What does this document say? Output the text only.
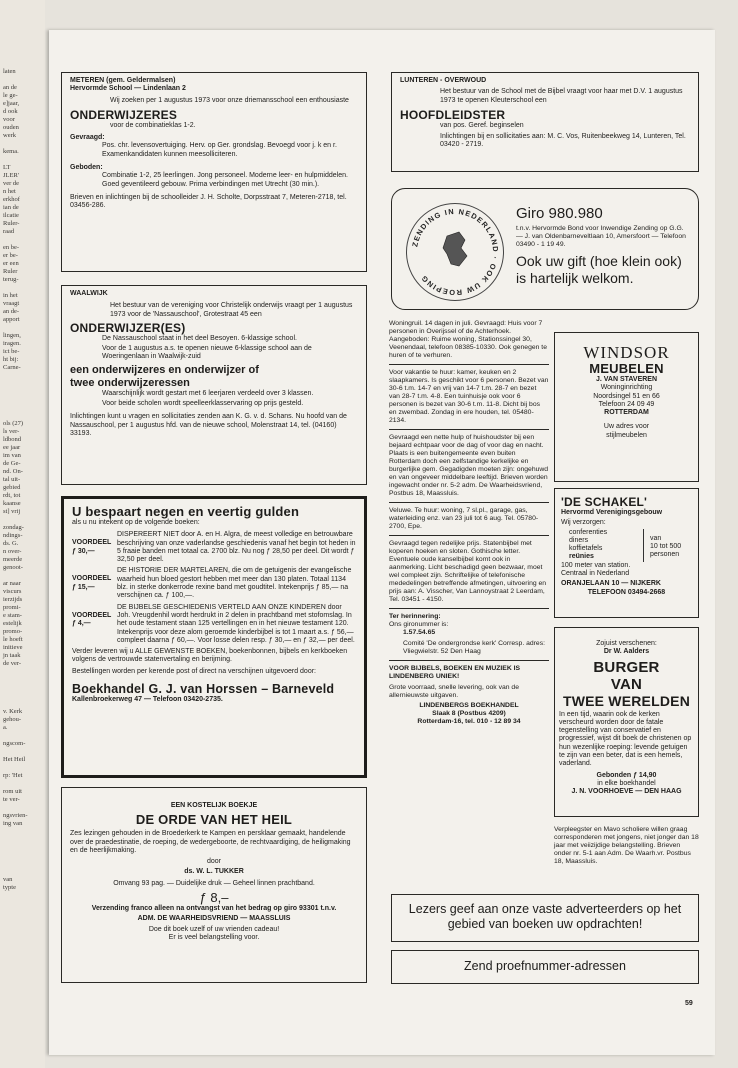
laten
an de
le ge-
e]jaar,
d ook
voor
ouden
werk
kema.
LT
JLER'
ver de
n het
erkhof
ian de
ilcatie
Ruler-
raad
en be-
er be-
er een
Ruler
terug-
in het
vraagt
an de-
apport
lingen,
iragen.
ict be-
ht bij:
Carne-
ols (27)
ls ver-
ldbond
ee jaar
im van
de Ge-
nd. On-
tal uit-
gebied
rdt, tot
kaanse
st] vrij
zondag-
ndings-
ds. G.
n over-
meerde
genoot-
ar naar
viscurs
ierzijds
promi-
e stam-
estelijk
promo-
le hoeft
initieve
jn taak
de ver-
v. Kerk
gehou-
a.
ngscom-
Het Heil
rp: 'Het
rom uit
te ver-
ngsvrien-
ing van
van
typte
METEREN (gem. Geldermalsen)
Hervormde School — Lindenlaan 2
Wij zoeken per 1 augustus 1973 voor onze driemansschool een enthousiaste
ONDERWIJZERES
voor de combinatieklas 1-2.
Gevraagd:
Pos. chr. levensovertuiging. Herv. op Ger. grondslag. Bevoegd voor j. k en r. Examenkandidaten kunnen meesolliciteren.
Geboden:
Combinatie 1-2, 25 leerlingen. Jong personeel. Moderne leer- en hulpmiddelen. Goed geventileerd gebouw. Prima verbindingen met Utrecht (30 min.).
Brieven en inlichtingen bij de schoolleider J. H. Scholte, Dorpsstraat 7, Meteren-2718, tel. 03456-286.
WAALWIJK
Het bestuur van de vereniging voor Christelijk onderwijs vraagt per 1 augustus 1973 voor de 'Nassauschool', Grotestraat 45 een
ONDERWIJZER(ES)
De Nassauschool staat in het deel Besoyen. 6-klassige school.
Voor de 1 augustus a.s. te openen nieuwe 6-klassige school aan de Woeringenlaan in Waalwijk-zuid
een onderwijzeres en onderwijzer of
twee onderwijzeressen
Waarschijnlijk wordt gestart met 6 leerjaren verdeeld over 3 klassen.
Voor beide scholen wordt speelleerklasservaring op prijs gesteld.
Inlichtingen kunt u vragen en sollicitaties zenden aan K. G. v. d. Schans. Nu hoofd van de Nassauschool, per 1 augustus hfd. van de nieuwe school, Molenstraat 14, tel. (04160) 33193.
U bespaart negen en veertig gulden
als u nu intekent op de volgende boeken:
VOORDEEL
ƒ 30,—
DISPEREERT NIET door A. en H. Algra, de meest volledige en betrouwbare beschrijving van onze vaderlandse geschiedenis vanaf het begin tot heden in 5 fraaie banden met totaal ca. 2700 blz. Nu nog ƒ 28,50 per deel. Dit wordt ƒ 32,50 per deel.
VOORDEEL
ƒ 15,—
DE HISTORIE DER MARTELAREN, die om de getuigenis der evangelische waarheid hun bloed gestort hebben met meer dan 130 platen. Totaal 1134 blz. in sterke donkerrode rexine band met goudtitel. Intekenprijs ƒ 85,— na verschijnen ca. ƒ 100,—.
VOORDEEL
ƒ 4,—
DE BIJBELSE GESCHIEDENIS VERTELD AAN ONZE KINDEREN door Joh. Vreugdenhil wordt herdrukt in 2 delen in prachtband met stofomslag. In het oude testament staan 125 vertellingen en in het nieuwe testament 120. Intekenprijs voor deze alom geroemde kinderbijbel is tot 1 maart a.s. ƒ 56,— compleet daarna ƒ 60,—. Voor losse delen resp. ƒ 30,— en ƒ 32,— per deel.
Verder leveren wij u ALLE GEWENSTE BOEKEN, boekenbonnen, bijbels en kerkboeken volgens de vertrouwde statenvertaling en berijming.
Bestellingen worden per kerende post of direct na verschijnen uitgevoerd door:
Boekhandel G. J. van Horssen – Barneveld
Kallenbroekerweg 47 — Telefoon 03420-2735.
EEN KOSTELIJK BOEKJE
DE ORDE VAN HET HEIL
Zes lezingen gehouden in de Broederkerk te Kampen en persklaar gemaakt, handelende over de praedestinatie, de roeping, de wedergeboorte, de rechtvaardiging, de heiligmaking en de heerlijkmaking.
door
ds. W. L. TUKKER
Omvang 93 pag. — Duidelijke druk — Geheel linnen prachtband.
ƒ 8,–
Verzending franco alleen na ontvangst van het bedrag op giro 93301 t.n.v.
ADM. DE WAARHEIDSVRIEND — MAASSLUIS
Doe dit boek uzelf of uw vrienden cadeau!
Er is veel belangstelling voor.
LUNTEREN - OVERWOUD
Het bestuur van de School met de Bijbel vraagt voor haar met D.V. 1 augustus 1973 te openen Kleuterschool een
HOOFDLEIDSTER
van pos. Geref. beginselen
Inlichtingen bij en sollicitaties aan: M. C. Vos, Ruitenbeekweg 14, Lunteren, Tel. 03420 - 2719.
ZENDING IN NEDERLAND · OOK UW ROEPING
Giro 980.980
t.n.v. Hervormde Bond voor Inwendige Zending op G.G. — J. van Oldenbarneveltlaan 10, Amersfoort — Telefoon 03490 - 1 19 49.
Ook uw gift (hoe klein ook) is hartelijk welkom.
Woningruil. 14 dagen in juli. Gevraagd: Huis voor 7 personen in Overijssel of de Achterhoek. Aangeboden: Ruime woning, Stationssingel 30, Veenendaal, telefoon 08385-10330. Ook genegen te huren of te verhuren.
Voor vakantie te huur: kamer, keuken en 2 slaapkamers. Is geschikt voor 6 personen. Bezet van 30-6 t.m. 14-7 en vrij van 14-7 t.m. 28-7 en bezet van 28-7 t.m. 4-8. Een tuinhuisje ook voor 6 personen is bezet van 30-6 t.m. 11-8. Dicht bij bos en zwembad. Zondag in ere houden, tel. 05480-2134.
Gevraagd een nette hulp of huishoudster bij een bejaard echtpaar voor de dag of voor dag en nacht. Plaats is een buitengemeente even buiten Rotterdam doch een zelfstandige kerkelijke en burgerlijke gem. Gegadigden moeten zijn: ongehuwd en van ongeveer middelbare leeftijd. Brieven worden ingewacht onder nr. 5-2 adm. De Waarheidsvriend, Postbus 18, Maassluis.
Veluwe. Te huur: woning, 7 sl.pl., garage, gas, waterleiding enz. van 23 juli tot 6 aug. Tel. 05780-2700, Epe.
Gevraagd tegen redelijke prijs. Statenbijbel met koperen hoeken en sloten. Gothische letter. Eventuele oude kanselbijbel komt ook in aanmerking. Licht beschadigd geen bezwaar, moet wel compleet zijn. Schriftelijke of telefonische mededelingen betreffende afmetingen, uitvoering en prijs aan: A. Visscher, Van Lannoystraat 2 Leerdam, Tel. 03451 - 4150.
Ter herinnering:
Ons gironummer is:
1.57.54.65
Comité 'De ondergrondse kerk' Corresp. adres: Vliegwielstr. 52 Den Haag
VOOR BIJBELS, BOEKEN EN MUZIEK IS LINDENBERG UNIEK!
Grote voorraad, snelle levering, ook van de allernieuwste uitgaven.
LINDENBERGS BOEKHANDEL
Slaak 8 (Postbus 4209)
Rotterdam-16, tel. 010 - 12 89 34
WINDSOR
MEUBELEN
J. VAN STAVEREN
Woninginrichting
Noordsingel 51 en 66
Telefoon 24 09 49
ROTTERDAM
Uw adres voor
stijlmeubelen
'DE SCHAKEL'
Hervormd Verenigingsgebouw
Wij verzorgen:
conferenties
diners
koffietafels
reünies
van
10 tot 500
personen
100 meter van station.
Centraal in Nederland
ORANJELAAN 10 — NIJKERK
TELEFOON 03494-2668
Zojuist verschenen:
Dr W. Aalders
BURGER
VAN
TWEE WERELDEN
In een tijd, waarin ook de kerken verscheurd worden door de fatale tegenstelling van conservatief en progressief, wijst dit boek de christenen op hun wezenlijke roeping: levende getuigen te zijn van een beter, dat is een hemels, vaderland.
Gebonden ƒ 14,90
in elke boekhandel
J. N. VOORHOEVE — DEN HAAG
Verpleegster en Mavo scholiere willen graag corresponderen met jongens, niet jonger dan 18 jaar met veiizijdige belangstelling. Brieven onder nr. 5-1 aan Adm. De Waarh.vr. Postbus 18, Maassluis.
Lezers geef aan onze vaste adverteerders op het gebied van boeken uw opdrachten!
Zend proefnummer-adressen
59
